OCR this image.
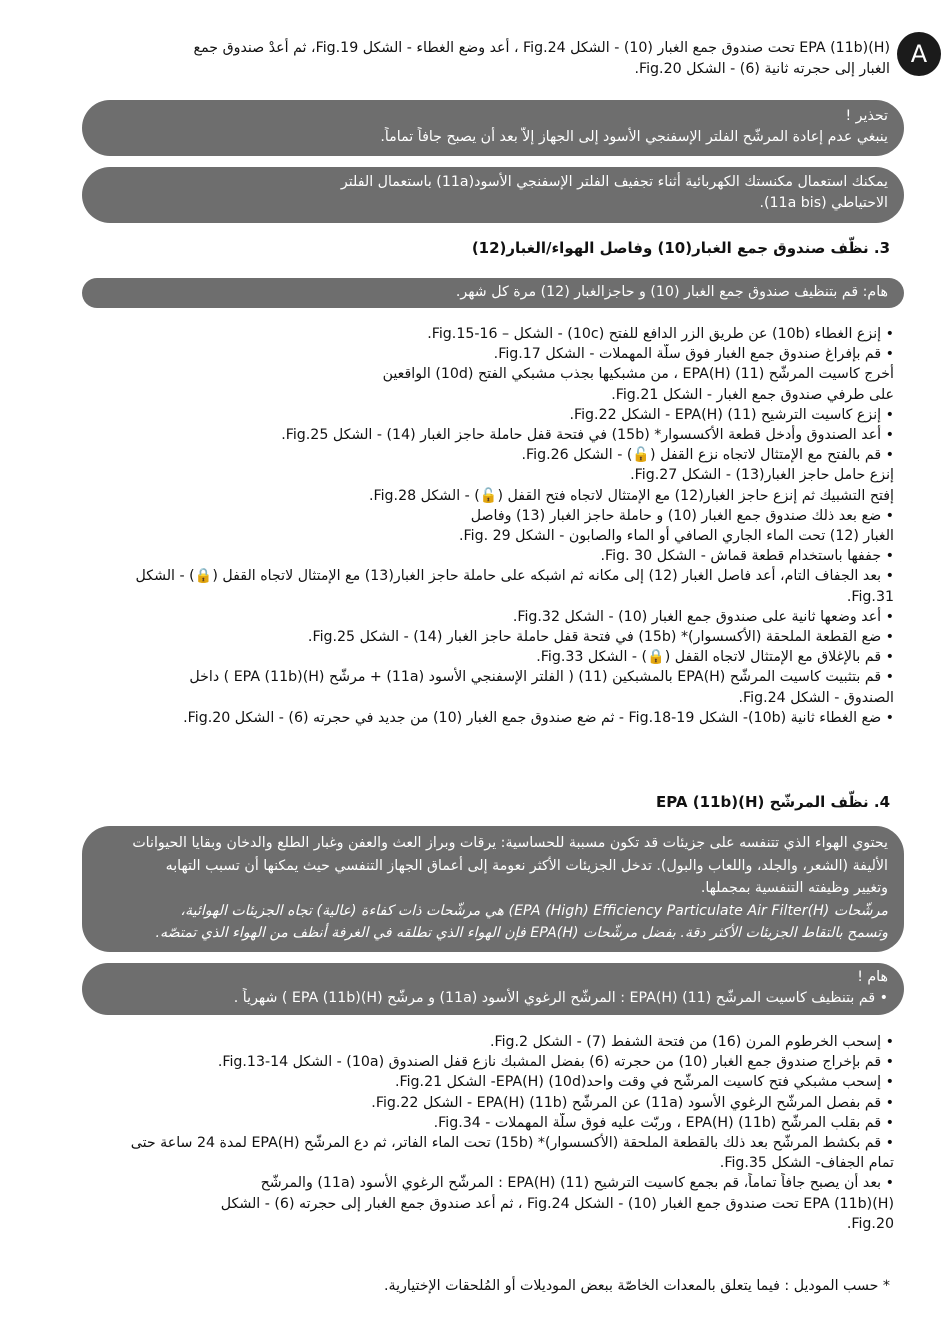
A
(H)EPA (11b) تحت صندوق جمع الغبار (10) - الشكل Fig.24 ، أعد وضع الغطاء - الشكل Fig.19، ثم أعدْ صندوق جمع
الغبار إلى حجرته ثانية (6) - الشكل Fig.20.
تحذير !
ينبغي عدم إعادة المرشّح الفلتر الإسفنجي الأسود إلى الجهاز إلاّ بعد أن يصبح جافاً تماماً.
يمكنك استعمال مكنستك الكهربائية أثناء تجفيف الفلتر الإسفنجي الأسود(11a) باستعمال الفلتر
الاحتياطي (11a bis).
3. نظّف صندوق جمع الغبار(10) وفاصل الهواء/الغبار(12)
هام: قم بتنظيف صندوق جمع الغبار (10) و حاجزالغبار (12) مرة كل شهر.
• إنزع الغطاء (10b) عن طريق الزر الدافع للفتح (10c) - الشكل – Fig.15-16.
• قم بإفراغ صندوق جمع الغبار فوق سلّة المهملات - الشكل Fig.17.
أخرج كاسيت المرشّح (11) (H)EPA ، من مشبكيها بجذب مشبكي الفتح (10d) الواقعين
على طرفي صندوق جمع الغبار - الشكل Fig.21.
• إنزع كاسيت الترشيح (11) (H)EPA - الشكل Fig.22.
• أعد الصندوق وأدخل قطعة الأكسسوار* (15b) في فتحة قفل حاملة حاجز الغبار (14) - الشكل Fig.25.
• قم بالفتح مع الإمتثال لاتجاه نزع القفل (🔓) - الشكل Fig.26.
إنزع حامل حاجز الغبار(13) - الشكل Fig.27.
إفتح التشبيك ثم إنزع حاجز الغبار(12) مع الإمتثال لاتجاه فتح القفل (🔓) - الشكل Fig.28.
• ضع بعد ذلك صندوق جمع الغبار (10) و حاملة حاجز الغبار (13) وفاصل
الغبار (12) تحت الماء الجاري الصافي أو الماء والصابون - الشكل Fig. 29.
• جففها باستخدام قطعة قماش - الشكل Fig. 30.
• بعد الجفاف التام، أعد فاصل الغبار (12) إلى مكانه ثم اشبكه على حاملة حاجز الغبار(13) مع الإمتثال لاتجاه القفل (🔒) - الشكل
Fig.31.
• أعد وضعها ثانية على صندوق جمع الغبار (10) - الشكل Fig.32.
• ضع القطعة الملحقة (الأكسسوار)* (15b) في فتحة قفل حاملة حاجز الغبار (14) - الشكل Fig.25.
• قم بالإغلاق مع الإمتثال لاتجاه القفل (🔒) - الشكل Fig.33.
• قم بتثبيت كاسيت المرشّح (H)EPA بالمشبكين (11) ( الفلتر الإسفنجي الأسود (11a) + مرشّح (H)EPA (11b) ) داخل
الصندوق - الشكل Fig.24.
• ضع الغطاء ثانية (10b)- الشكل Fig.18-19 - ثم ضع صندوق جمع الغبار (10) من جديد في حجرته (6) - الشكل Fig.20.
4. نظّف المرشّح (H)EPA (11b)
يحتوي الهواء الذي تتنفسه على جزيئات قد تكون مسببة للحساسية: يرقات وبراز العث والعفن وغبار الطلع والدخان وبقايا الحيوانات
الأليفة (الشعر، والجلد، واللعاب والبول). تدخل الجزيئات الأكثر نعومة إلى أعماق الجهاز التنفسي حيث يمكنها أن تسبب التهابه
وتغيير وظيفته التنفسية بمجملها.
مرشّحات (H)EPA (High) Efficiency Particulate Air Filter) هي مرشّحات ذات كفاءة (عالية) تجاه الجزيئات الهوائية،
وتسمح بالتقاط الجزيئات الأكثر دقة. بفضل مرشّحات (H)EPA فإن الهواء الذي تطلقه في الغرفة أنظف من الهواء الذي تمتصّه.
هام !
• قم بتنظيف كاسيت المرشّح (11) (H)EPA : المرشّح الرغوي الأسود (11a) و مرشّح (H)EPA (11b) ) شهرياً .
• إسحب الخرطوم المرن (16) من فتحة الشفط (7) - الشكل Fig.2.
• قم بإخراج صندوق جمع الغبار (10) من حجرته (6) بفضل المشبك نازع قفل الصندوق (10a) - الشكل Fig.13-14.
• إسحب مشبكي فتح كاسيت المرشّح في وقت واحد(10d) (H)EPA- الشكل Fig.21.
• قم بفصل المرشّح الرغوي الأسود (11a) عن المرشّح (11b) (H)EPA - الشكل Fig.22.
• قم بقلب المرشّح (11b) (H)EPA ، وربّت عليه فوق سلّة المهملات - Fig.34.
• قم بكشط المرشّح بعد ذلك بالقطعة الملحقة (الأكسسوار)* (15b) تحت الماء الفاتر، ثم دع المرشّح (H)EPA لمدة 24 ساعة حتى
تمام الجفاف- الشكل Fig.35.
• بعد أن يصبح جافاً تماماً، قم بجمع كاسيت الترشيح (11) (H)EPA : المرشّح الرغوي الأسود (11a) والمرشّح
(H)EPA (11b) تحت صندوق جمع الغبار (10) - الشكل Fig.24 ، ثم أعد صندوق جمع الغبار إلى حجرته (6) - الشكل
Fig.20.
* حسب الموديل : فيما يتعلق بالمعدات الخاصّة ببعض الموديلات أو المُلحقات الإختيارية.
